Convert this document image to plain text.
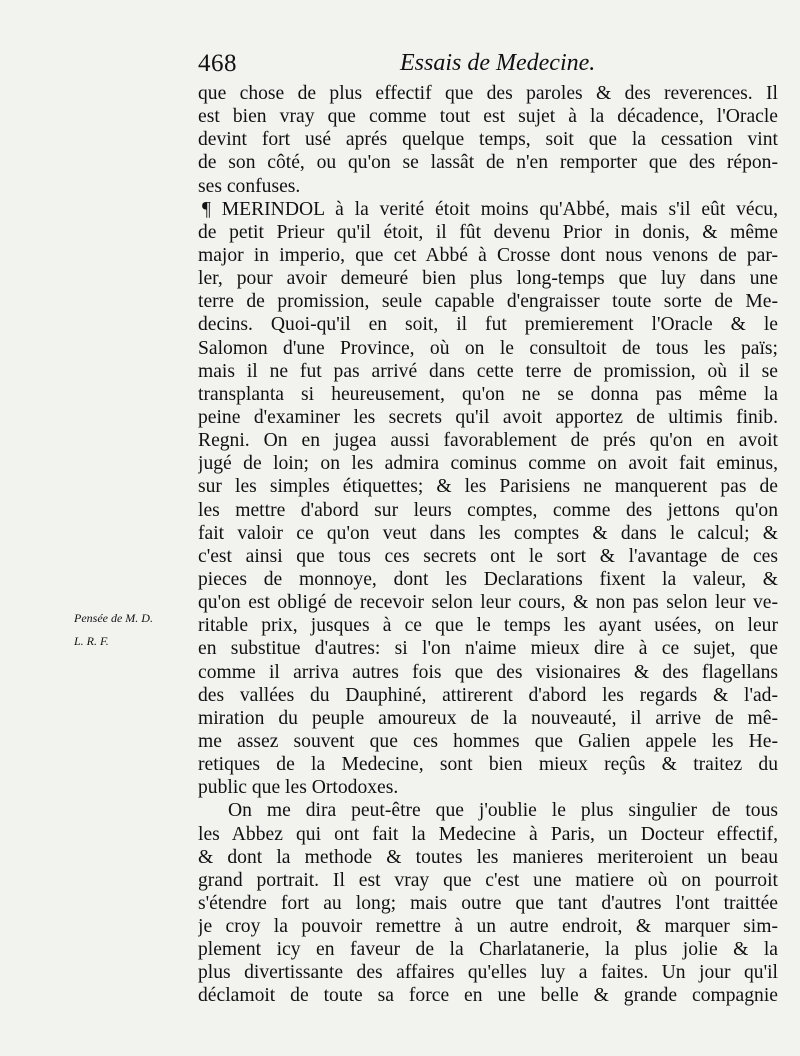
468	Essais de Medecine.
Pensée de M. D.
L. R. F.
que chose de plus effectif que des paroles & des reverences. Il
est bien vray que comme tout est sujet à la décadence, l'Oracle
devint fort usé aprés quelque temps, soit que la cessation vint
de son côté, ou qu'on se lassât de n'en remporter que des répon-
ses confuses.
¶ MERINDOL à la verité étoit moins qu'Abbé, mais s'il eût vécu,
de petit Prieur qu'il étoit, il fût devenu Prior in donis, & même
major in imperio, que cet Abbé à Crosse dont nous venons de par-
ler, pour avoir demeuré bien plus long-temps que luy dans une
terre de promission, seule capable d'engraisser toute sorte de Me-
decins. Quoi-qu'il en soit, il fut premierement l'Oracle & le
Salomon d'une Province, où on le consultoit de tous les païs;
mais il ne fut pas arrivé dans cette terre de promission, où il se
transplanta si heureusement, qu'on ne se donna pas même la
peine d'examiner les secrets qu'il avoit apportez de ultimis finib.
Regni. On en jugea aussi favorablement de prés qu'on en avoit
jugé de loin; on les admira cominus comme on avoit fait eminus,
sur les simples étiquettes; & les Parisiens ne manquerent pas de
les mettre d'abord sur leurs comptes, comme des jettons qu'on
fait valoir ce qu'on veut dans les comptes & dans le calcul; &
c'est ainsi que tous ces secrets ont le sort & l'avantage de ces
pieces de monnoye, dont les Declarations fixent la valeur, &
qu'on est obligé de recevoir selon leur cours, & non pas selon leur ve-
ritable prix, jusques à ce que le temps les ayant usées, on leur
en substitue d'autres: si l'on n'aime mieux dire à ce sujet, que
comme il arriva autres fois que des visionaires & des flagellans
des vallées du Dauphiné, attirerent d'abord les regards & l'ad-
miration du peuple amoureux de la nouveauté, il arrive de mê-
me assez souvent que ces hommes que Galien appele les He-
retiques de la Medecine, sont bien mieux reçûs & traitez du
public que les Ortodoxes.
On me dira peut-être que j'oublie le plus singulier de tous
les Abbez qui ont fait la Medecine à Paris, un Docteur effectif,
& dont la methode & toutes les manieres meriteroient un beau
grand portrait. Il est vray que c'est une matiere où on pourroit
s'étendre fort au long; mais outre que tant d'autres l'ont traittée
je croy la pouvoir remettre à un autre endroit, & marquer sim-
plement icy en faveur de la Charlatanerie, la plus jolie & la
plus divertissante des affaires qu'elles luy a faites. Un jour qu'il
déclamoit de toute sa force en une belle & grande compagnie
